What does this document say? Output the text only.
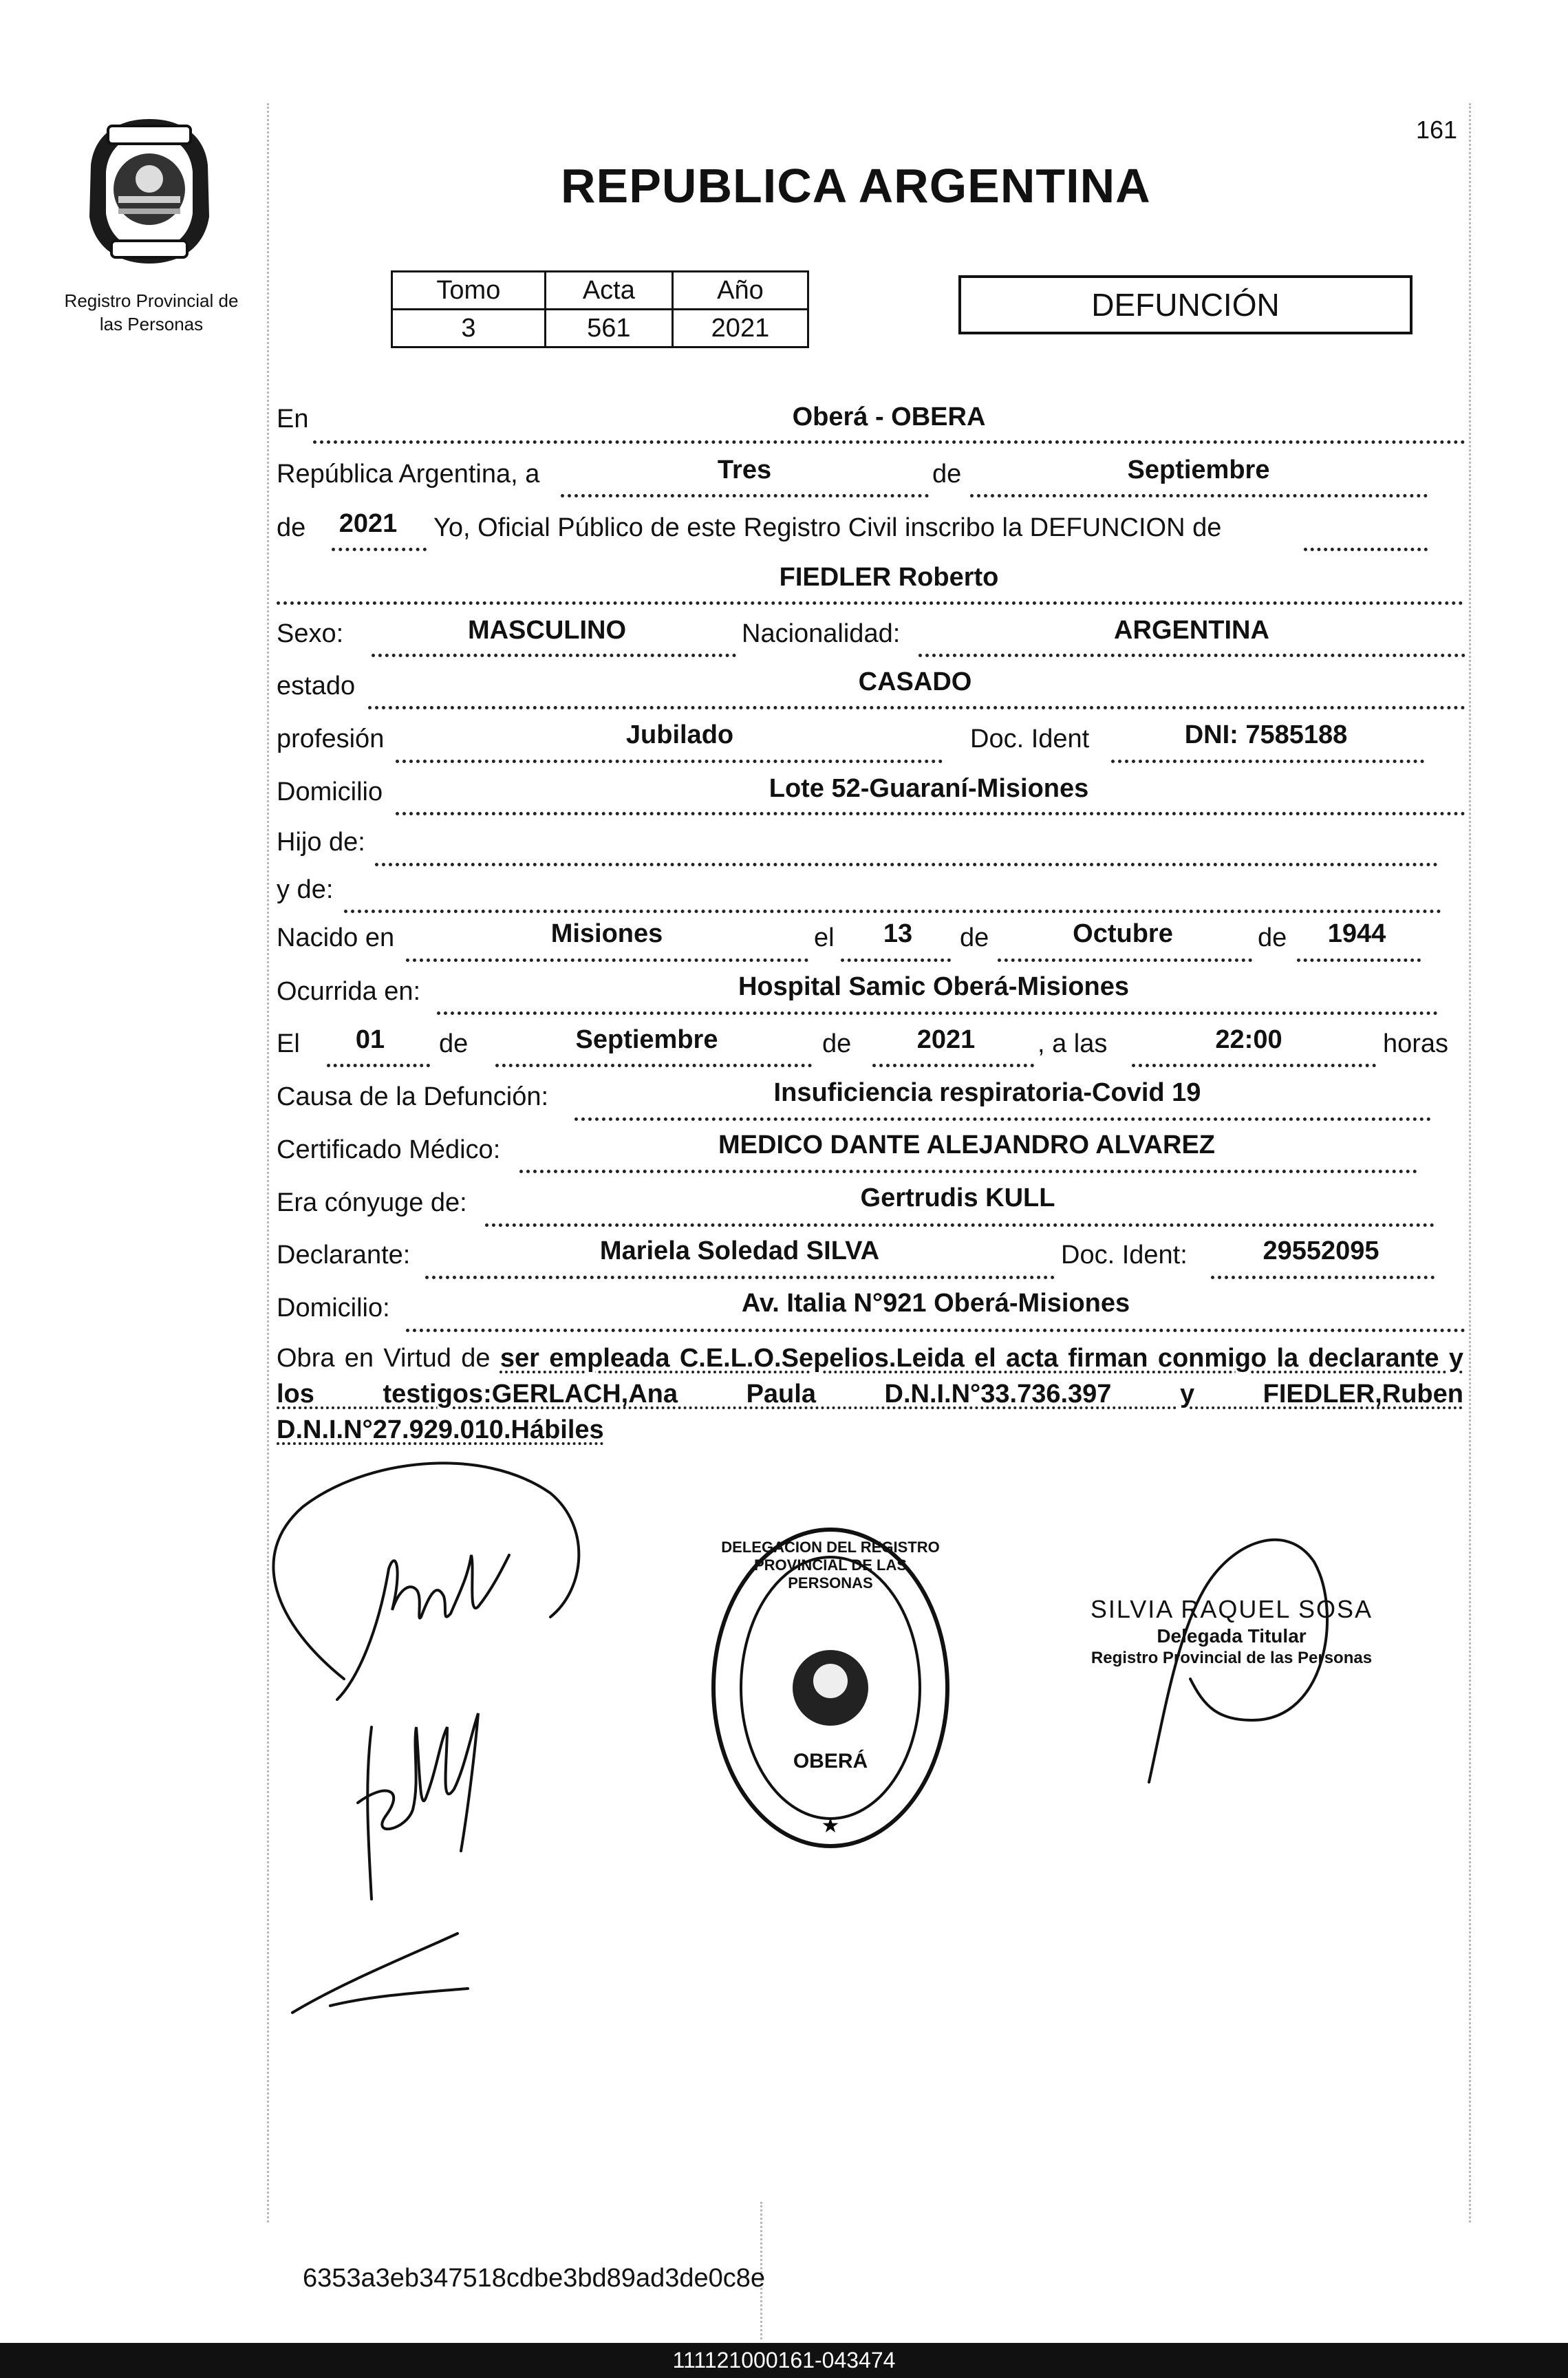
Registro Provincial de
las Personas
161
REPUBLICA ARGENTINA
Tomo	Acta	Año
3	561	2021
DEFUNCIÓN
En	Oberá - OBERA
República Argentina, a	Tres	de	Septiembre
de 2021 Yo, Oficial Público de este Registro Civil inscribo la DEFUNCION de
FIEDLER Roberto
Sexo:	MASCULINO	Nacionalidad:	ARGENTINA
estado	CASADO
profesión	Jubilado	Doc. Ident	DNI: 7585188
Domicilio	Lote 52-Guaraní-Misiones
Hijo de:
y de:
Nacido en	Misiones	el 13 de	Octubre	de 1944
Ocurrida en:	Hospital Samic Oberá-Misiones
El 01 de	Septiembre	de	2021 , a las	22:00	horas
Causa de la Defunción:	Insuficiencia respiratoria-Covid 19
Certificado Médico:	MEDICO DANTE ALEJANDRO ALVAREZ
Era cónyuge de:	Gertrudis KULL
Declarante:	Mariela Soledad SILVA	Doc. Ident:	29552095
Domicilio:	Av. Italia N°921 Oberá-Misiones
Obra en Virtud de ser empleada C.E.L.O.Sepelios.Leida el acta firman conmigo la declarante y los testigos:GERLACH,Ana Paula D.N.I.N°33.736.397 y FIEDLER,Ruben D.N.I.N°27.929.010.Hábiles
★
DELEGACION DEL REGISTRO PROVINCIAL DE LAS PERSONAS
OBERÁ
SILVIA RAQUEL SOSA
Delegada Titular
Registro Provincial de las Personas
6353a3eb347518cdbe3bd89ad3de0c8e
111121000161-043474
